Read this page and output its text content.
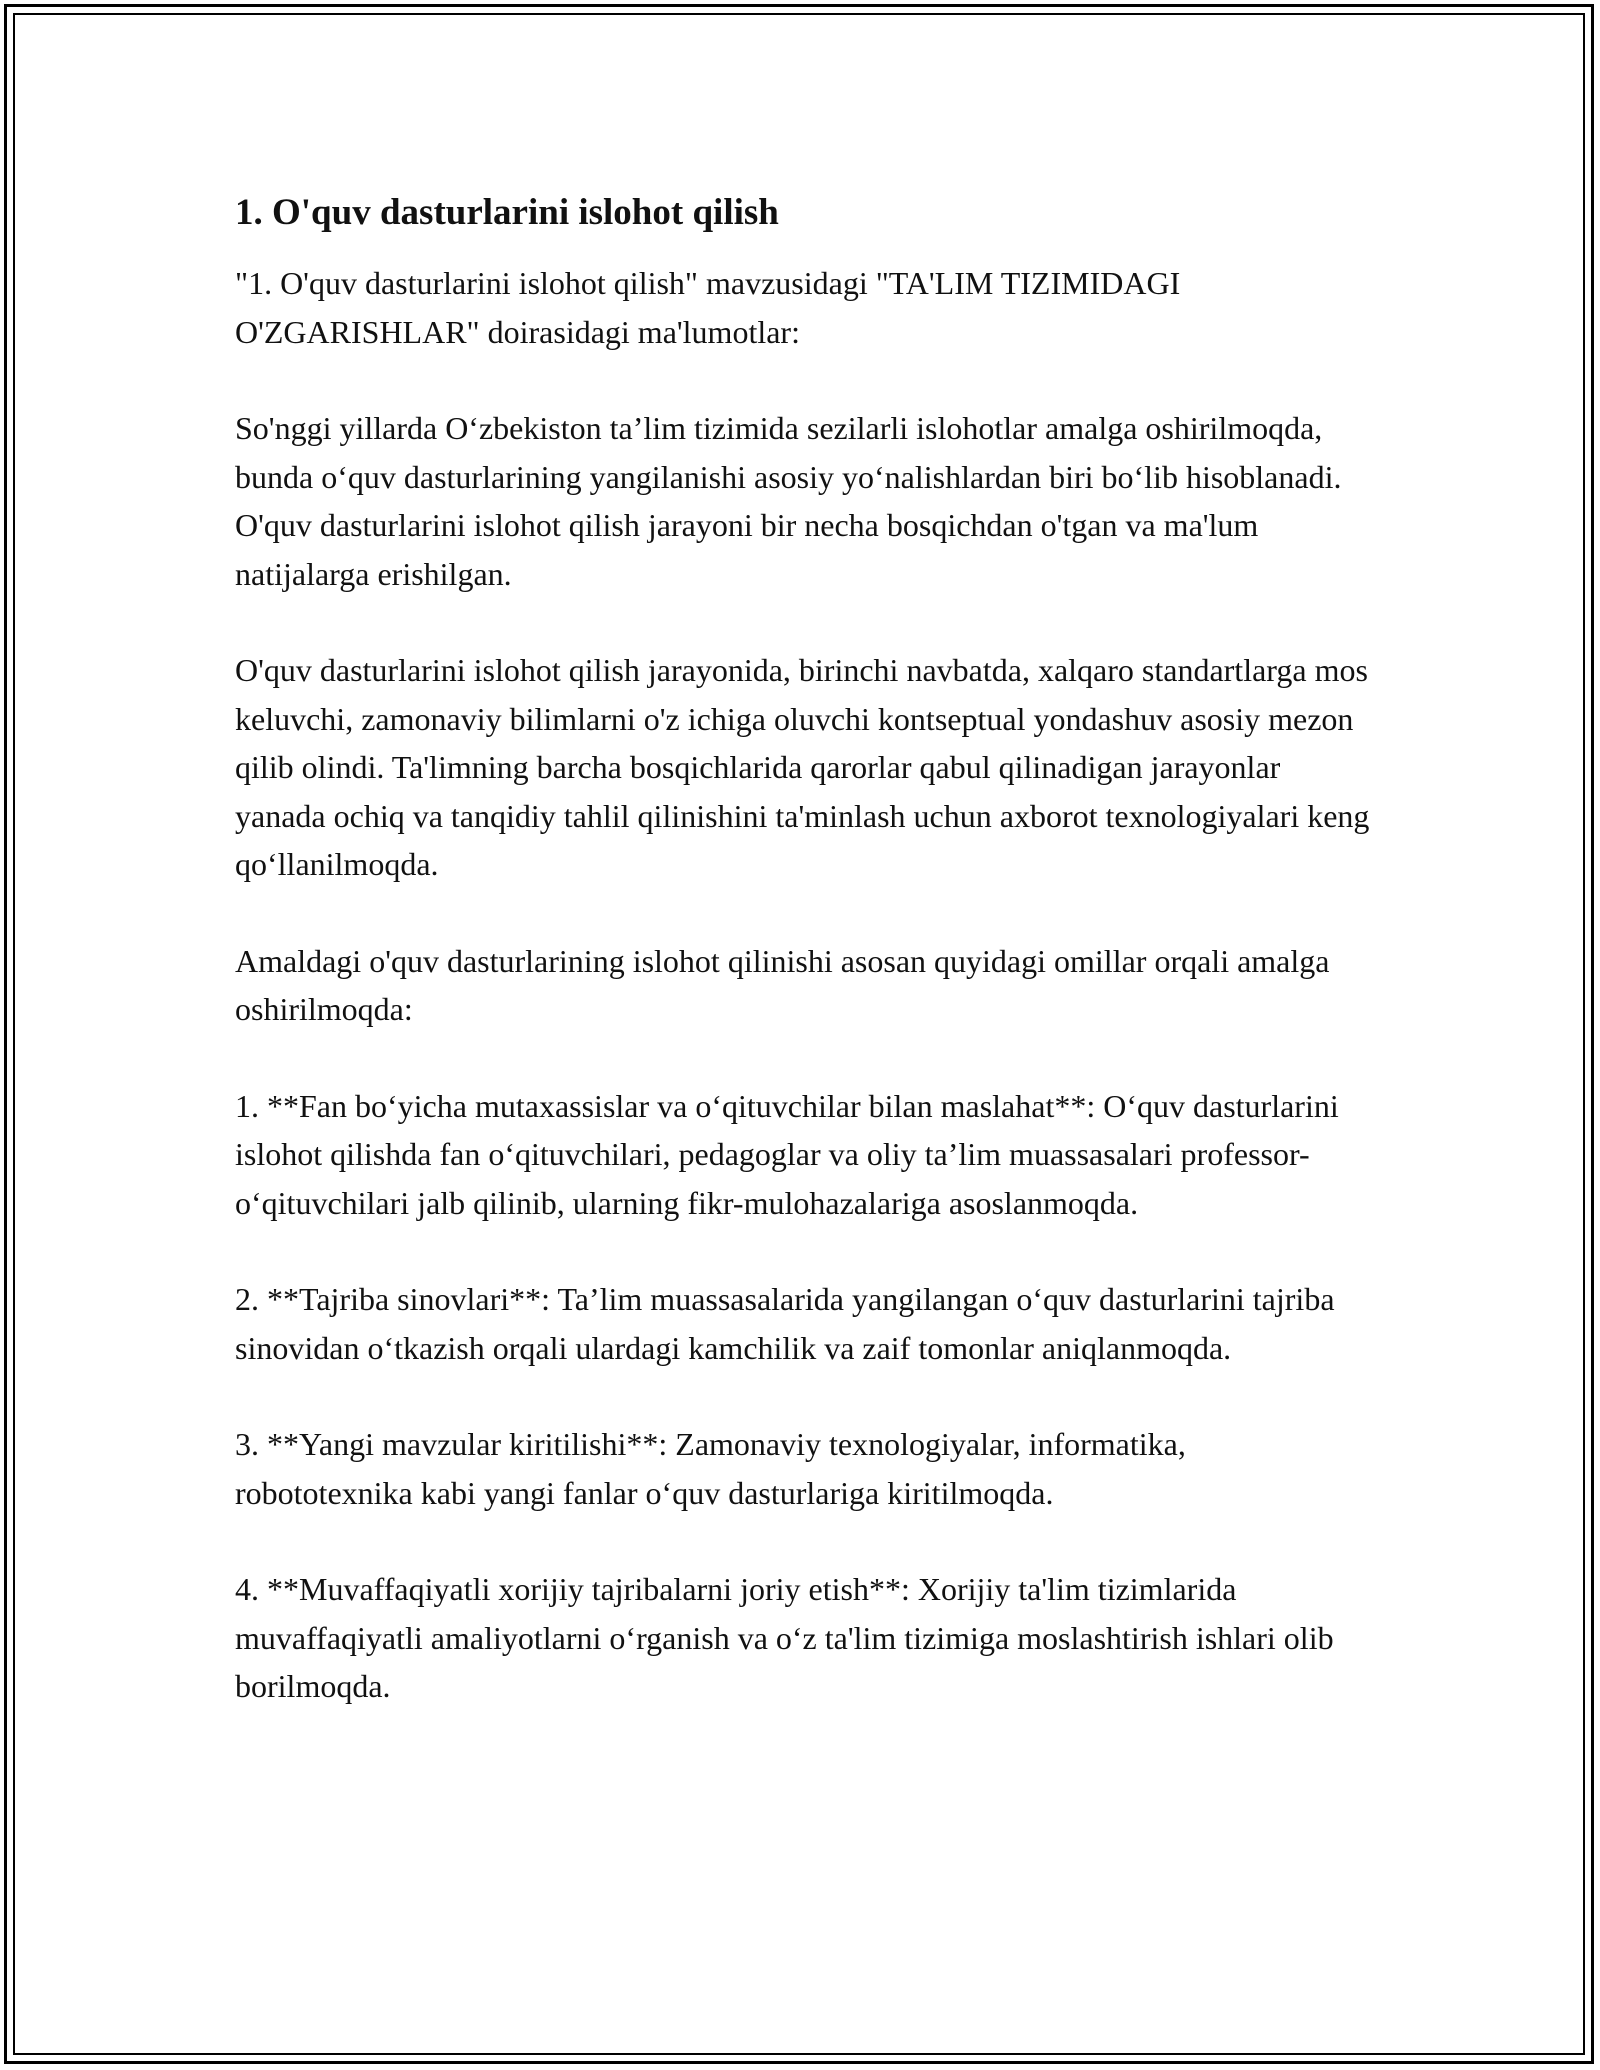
1. O'quv dasturlarini islohot qilish

"1. O'quv dasturlarini islohot qilish" mavzusidagi "TA'LIM TIZIMIDAGI O'ZGARISHLAR" doirasidagi ma'lumotlar:

So'nggi yillarda O‘zbekiston ta’lim tizimida sezilarli islohotlar amalga oshirilmoqda, bunda o‘quv dasturlarining yangilanishi asosiy yo‘nalishlardan biri bo‘lib hisoblanadi. O'quv dasturlarini islohot qilish jarayoni bir necha bosqichdan o'tgan va ma'lum natijalarga erishilgan.

O'quv dasturlarini islohot qilish jarayonida, birinchi navbatda, xalqaro standartlarga mos keluvchi, zamonaviy bilimlarni o'z ichiga oluvchi kontseptual yondashuv asosiy mezon qilib olindi. Ta'limning barcha bosqichlarida qarorlar qabul qilinadigan jarayonlar yanada ochiq va tanqidiy tahlil qilinishini ta'minlash uchun axborot texnologiyalari keng qo‘llanilmoqda.

Amaldagi o'quv dasturlarining islohot qilinishi asosan quyidagi omillar orqali amalga oshirilmoqda:

1. **Fan bo‘yicha mutaxassislar va o‘qituvchilar bilan maslahat**: O‘quv dasturlarini islohot qilishda fan o‘qituvchilari, pedagoglar va oliy ta’lim muassasalari professor-o‘qituvchilari jalb qilinib, ularning fikr-mulohazalariga asoslanmoqda.

2. **Tajriba sinovlari**: Ta’lim muassasalarida yangilangan o‘quv dasturlarini tajriba sinovidan o‘tkazish orqali ulardagi kamchilik va zaif tomonlar aniqlanmoqda.

3. **Yangi mavzular kiritilishi**: Zamonaviy texnologiyalar, informatika, robototexnika kabi yangi fanlar o‘quv dasturlariga kiritilmoqda.

4. **Muvaffaqiyatli xorijiy tajribalarni joriy etish**: Xorijiy ta'lim tizimlarida muvaffaqiyatli amaliyotlarni o‘rganish va o‘z ta'lim tizimiga moslashtirish ishlari olib borilmoqda.
